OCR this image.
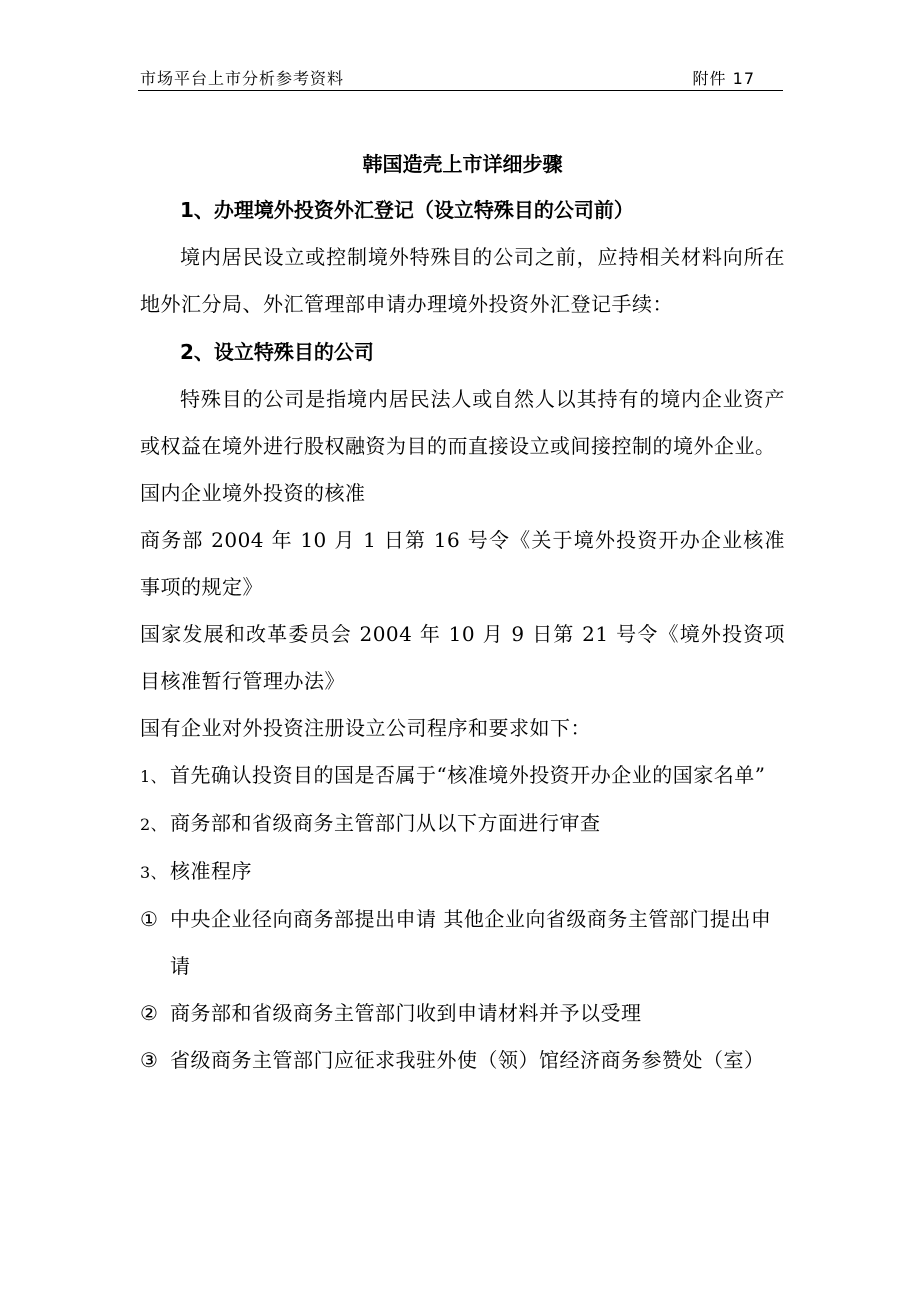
市场平台上市分析参考资料	附件 17
韩国造壳上市详细步骤
1、办理境外投资外汇登记（设立特殊目的公司前）
境内居民设立或控制境外特殊目的公司之前，应持相关材料向所在地外汇分局、外汇管理部申请办理境外投资外汇登记手续：
2、设立特殊目的公司
特殊目的公司是指境内居民法人或自然人以其持有的境内企业资产或权益在境外进行股权融资为目的而直接设立或间接控制的境外企业。
国内企业境外投资的核准
商务部 2004 年 10 月 1 日第 16 号令《关于境外投资开办企业核准事项的规定》
国家发展和改革委员会 2004 年 10 月 9 日第 21 号令《境外投资项目核准暂行管理办法》
国有企业对外投资注册设立公司程序和要求如下：
1、 首先确认投资目的国是否属于“核准境外投资开办企业的国家名单”
2、 商务部和省级商务主管部门从以下方面进行审查
3、 核准程序
① 中央企业径向商务部提出申请 其他企业向省级商务主管部门提出申请
② 商务部和省级商务主管部门收到申请材料并予以受理
③ 省级商务主管部门应征求我驻外使（领）馆经济商务参赞处（室）
